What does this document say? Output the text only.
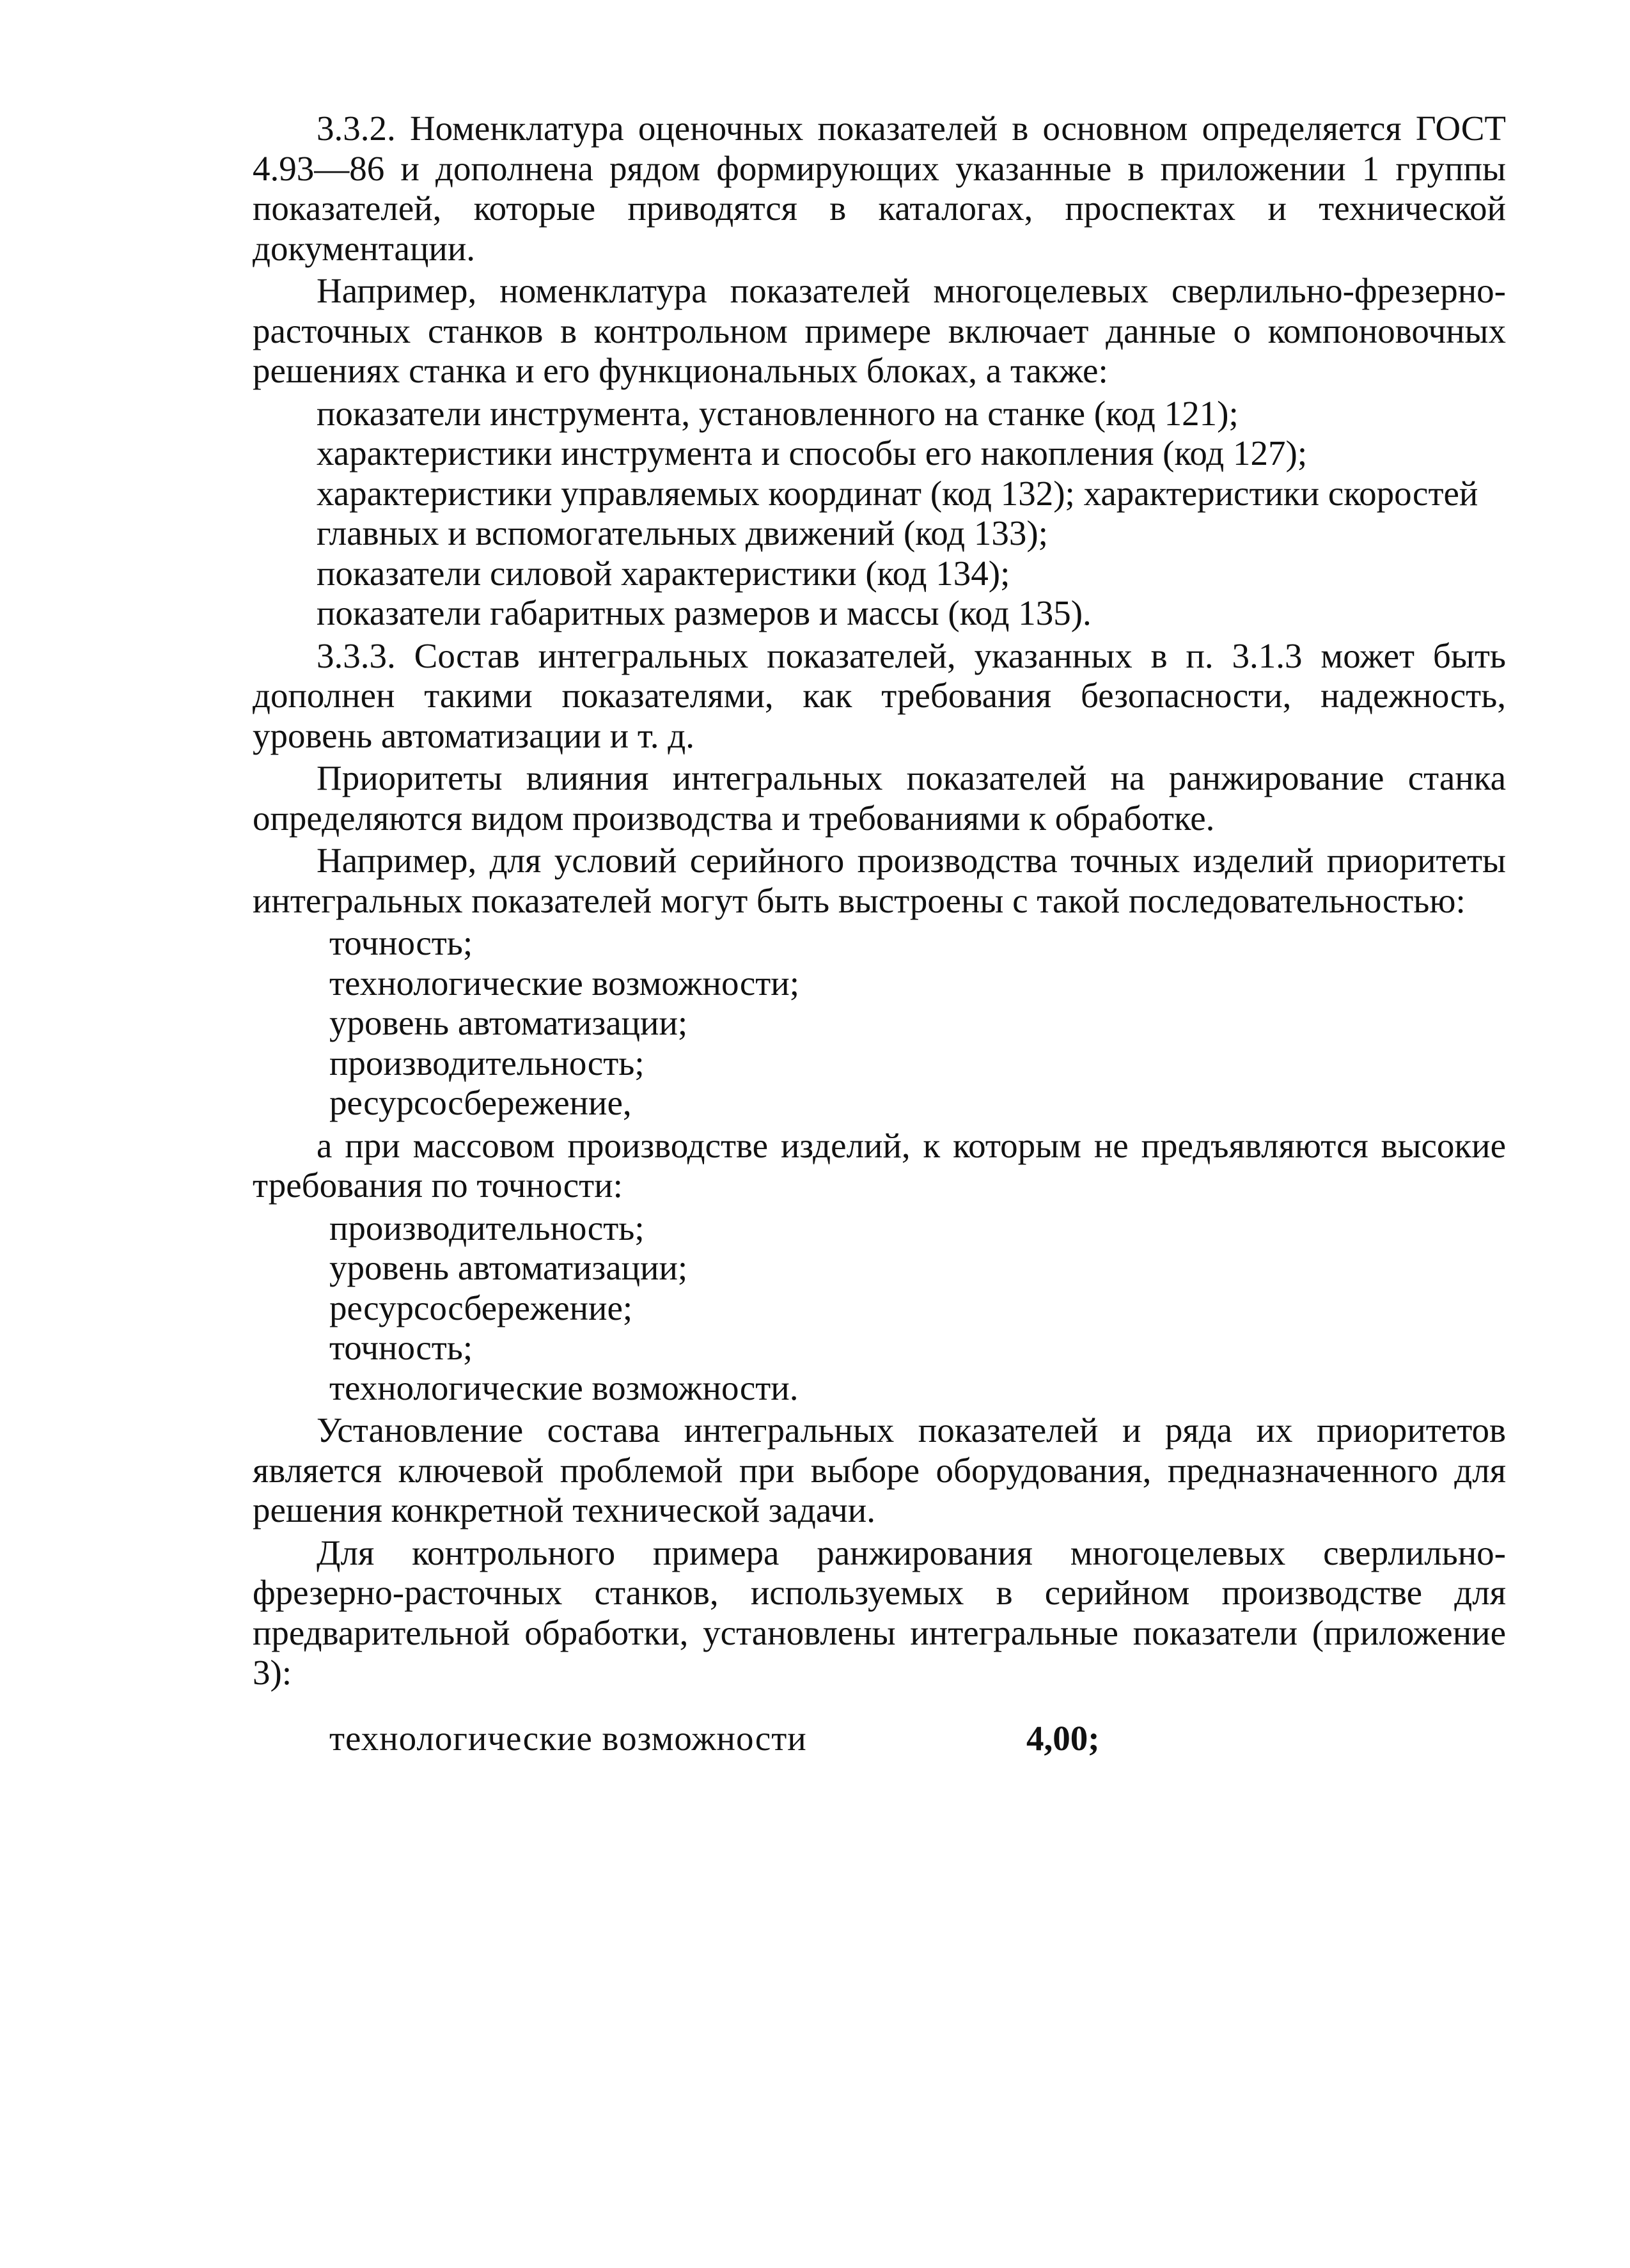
3.3.2. Номенклатура оценочных показателей в основном определяется ГОСТ 4.93—86 и дополнена рядом формирующих указанные в приложении 1 группы показателей, которые приводятся в каталогах, проспектах и технической документации.

Например, номенклатура показателей многоцелевых сверлильно-фрезерно-расточных станков в контрольном примере включает данные о компоновочных решениях станка и его функциональных блоках, а также:

показатели инструмента, установленного на станке (код 121);
характеристики инструмента и способы его накопления (код 127);
характеристики управляемых координат (код 132); характеристики скоростей главных и вспомогательных движений (код 133);
показатели силовой характеристики (код 134);
показатели габаритных размеров и массы (код 135).

3.3.3. Состав интегральных показателей, указанных в п. 3.1.3 может быть дополнен такими показателями, как требования безопасности, надежность, уровень автоматизации и т. д.

Приоритеты влияния интегральных показателей на ранжирование станка определяются видом производства и требованиями к обработке.

Например, для условий серийного производства точных изделий приоритеты интегральных показателей могут быть выстроены с такой последовательностью:

точность;
технологические возможности;
уровень автоматизации;
производительность;
ресурсосбережение,

а при массовом производстве изделий, к которым не предъявляются высокие требования по точности:

производительность;
уровень автоматизации;
ресурсосбережение;
точность;
технологические возможности.

Установление состава интегральных показателей и ряда их приоритетов является ключевой проблемой при выборе оборудования, предназначенного для решения конкретной технической задачи.

Для контрольного примера ранжирования многоцелевых сверлильно-фрезерно-расточных станков, используемых в серийном производстве для предварительной обработки, установлены интегральные показатели (приложение 3):

технологические возможности	4,00;
